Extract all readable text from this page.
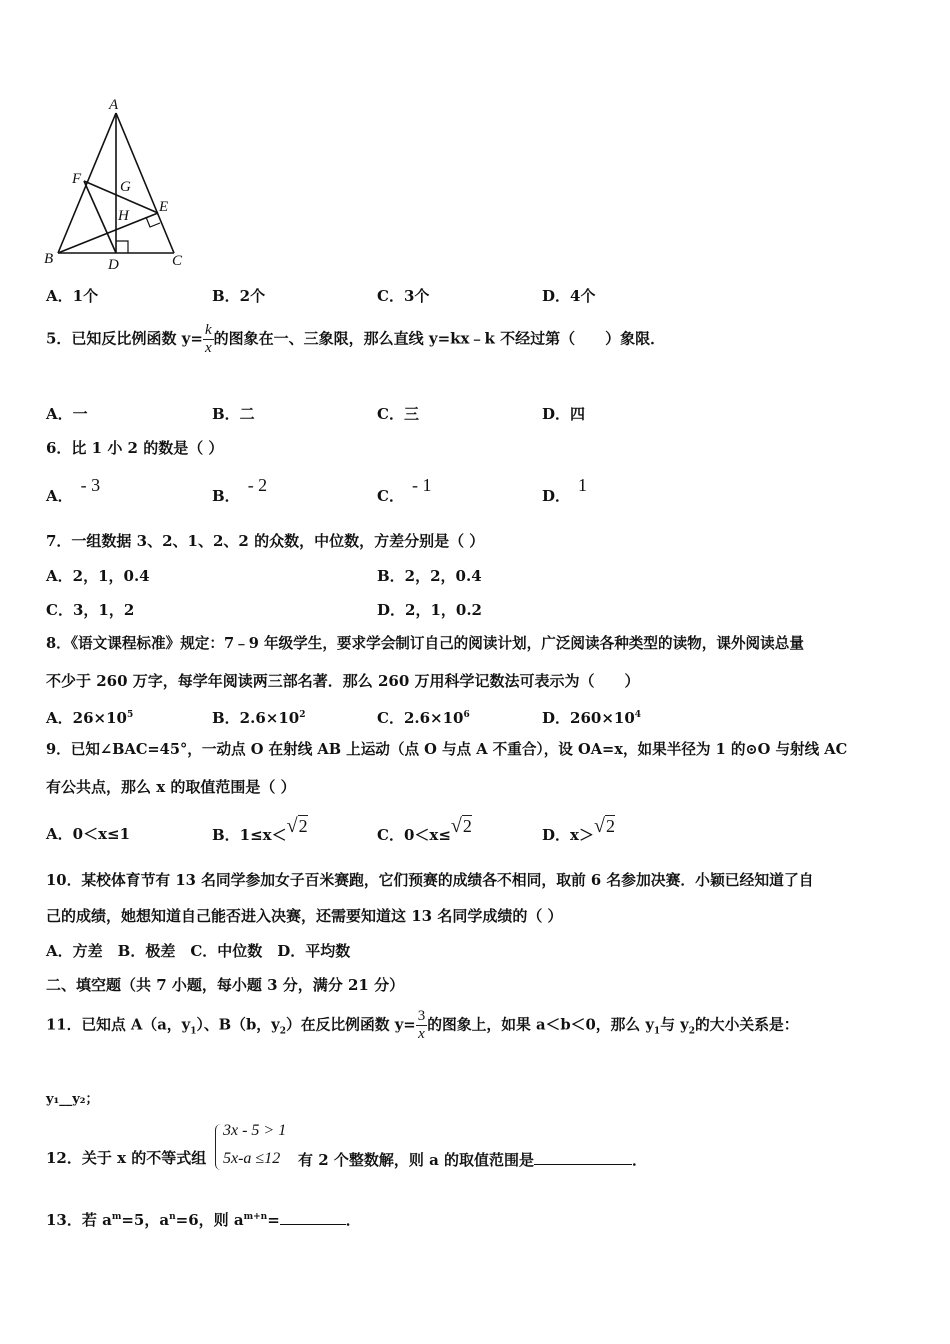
A
B	C
D
E
F	G
H
A．1个	B．2个	C．3个	D．4个
5．已知反比例函数 $y= \frac{k}{x}$ 的图象在一、三象限，那么直线 y=kx﹣k 不经过第（　　）象限．
A．一	B．二	C．三	D．四
6．比 1 小 2 的数是（ ）
A．- 3
B．- 2
C．- 1
D．1
7．一组数据 3、2、1、2、2 的众数，中位数，方差分别是（ ）
A．2，1，0.4	B．2，2，0.4
C．3，1，2	D．2，1，0.2
8．《语文课程标准》规定：7﹣9 年级学生，要求学会制订自己的阅读计划，广泛阅读各种类型的读物，课外阅读总量
不少于 260 万字，每学年阅读两三部名著．那么 260 万用科学记数法可表示为（　　）
A．$26\times 10^5$	B．$2.6\times 10^2$	C．$2.6\times 10^6$	D．$260\times 10^4$
9．已知∠BAC=45°，一动点 O 在射线 AB 上运动（点 O 与点 A 不重合），设 OA=x，如果半径为 1 的⊙O 与射线 AC
有公共点，那么 x 的取值范围是（ ）
A．0＜x≤1	B．1≤x＜√2	C．0＜x≤√2	D．x＞√2
10．某校体育节有 13 名同学参加女子百米赛跑，它们预赛的成绩各不相同，取前 6 名参加决赛．小颖已经知道了自
己的成绩，她想知道自己能否进入决赛，还需要知道这 13 名同学成绩的（ ）
A．方差　B．极差　C．中位数　D．平均数
二、填空题（共 7 小题，每小题 3 分，满分 21 分）
11．已知点 A（a，$y_1$）、B（b，$y_2$）在反比例函数 $y= \frac{3}{x}$ 的图象上，如果 a＜b＜0，那么 $y_1$与 $y_2$的大小关系是：
y₁__y₂；
12．关于 x 的不等式组
3x - 5 > 1
5x-a ≤12 有 2 个整数解，则 a 的取值范围是	．
13．若 $a^m=5$，$a^n=6$，则 $a^{m+n}=$	．
